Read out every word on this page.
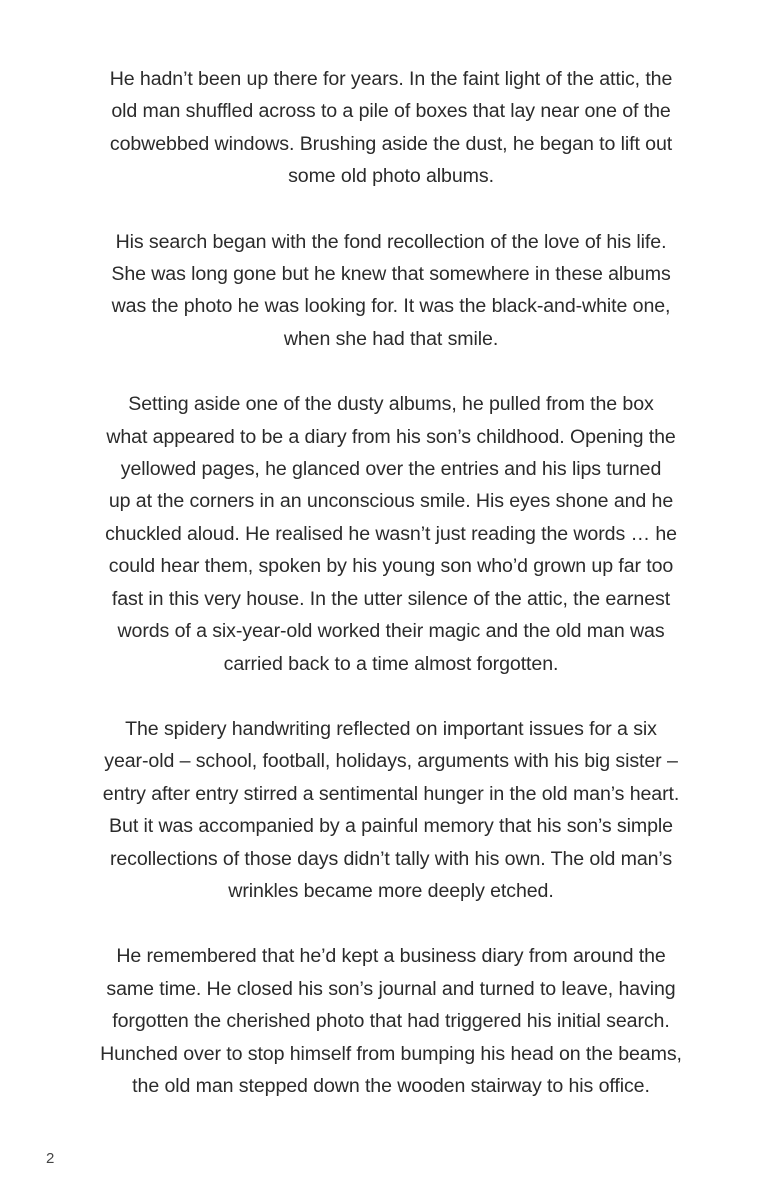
He hadn’t been up there for years. In the faint light of the attic, the
old man shuffled across to a pile of boxes that lay near one of the
cobwebbed windows. Brushing aside the dust, he began to lift out
some old photo albums.

His search began with the fond recollection of the love of his life.
She was long gone but he knew that somewhere in these albums
was the photo he was looking for. It was the black-and-white one,
when she had that smile.

Setting aside one of the dusty albums, he pulled from the box
what appeared to be a diary from his son’s childhood. Opening the
yellowed pages, he glanced over the entries and his lips turned
up at the corners in an unconscious smile. His eyes shone and he
chuckled aloud. He realised he wasn’t just reading the words … he
could hear them, spoken by his young son who’d grown up far too
fast in this very house. In the utter silence of the attic, the earnest
words of a six-year-old worked their magic and the old man was
carried back to a time almost forgotten.

The spidery handwriting reflected on important issues for a six
year-old – school, football, holidays, arguments with his big sister –
entry after entry stirred a sentimental hunger in the old man’s heart.
But it was accompanied by a painful memory that his son’s simple
recollections of those days didn’t tally with his own. The old man’s
wrinkles became more deeply etched.

He remembered that he’d kept a business diary from around the
same time. He closed his son’s journal and turned to leave, having
forgotten the cherished photo that had triggered his initial search.
Hunched over to stop himself from bumping his head on the beams,
the old man stepped down the wooden stairway to his office.

2
